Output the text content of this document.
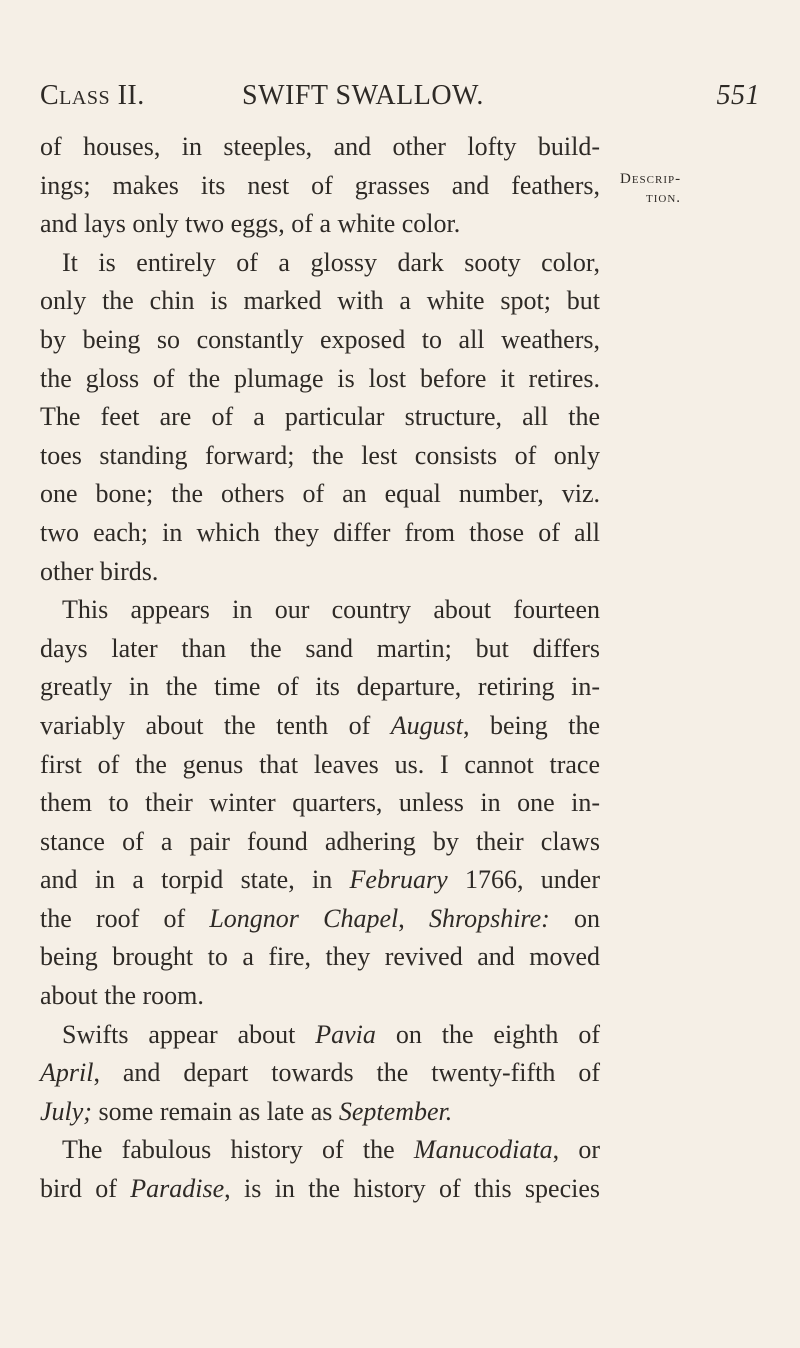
Class II.	SWIFT SWALLOW.	551
Descrip-
tion.
of houses, in steeples, and other lofty build-
ings; makes its nest of grasses and feathers,
and lays only two eggs, of a white color.
It is entirely of a glossy dark sooty color,
only the chin is marked with a white spot; but
by being so constantly exposed to all weathers,
the gloss of the plumage is lost before it retires.
The feet are of a particular structure, all the
toes standing forward; the lest consists of only
one bone; the others of an equal number, viz.
two each; in which they differ from those of all
other birds.
This appears in our country about fourteen
days later than the sand martin; but differs
greatly in the time of its departure, retiring in-
variably about the tenth of August, being the
first of the genus that leaves us. I cannot trace
them to their winter quarters, unless in one in-
stance of a pair found adhering by their claws
and in a torpid state, in February 1766, under
the roof of Longnor Chapel, Shropshire: on
being brought to a fire, they revived and moved
about the room.
Swifts appear about Pavia on the eighth of
April, and depart towards the twenty-fifth of
July; some remain as late as September.
The fabulous history of the Manucodiata, or
bird of Paradise, is in the history of this species
